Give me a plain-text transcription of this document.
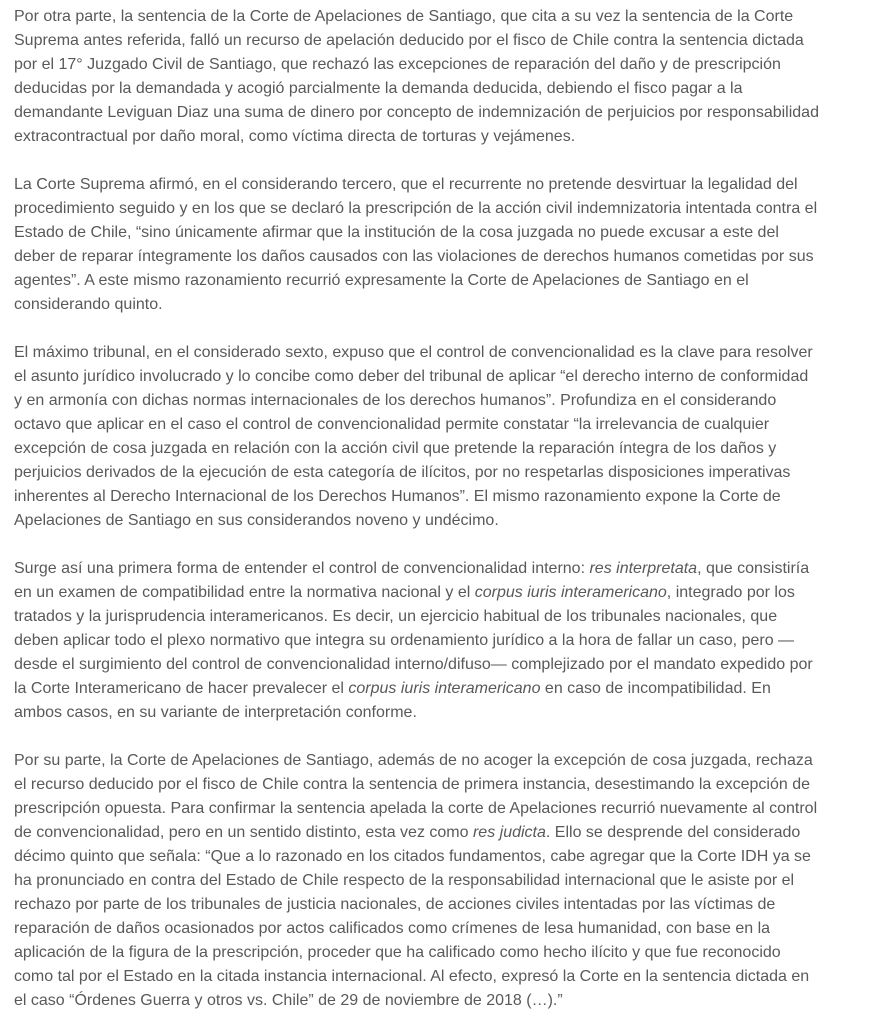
Por otra parte, la sentencia de la Corte de Apelaciones de Santiago, que cita a su vez la sentencia de la Corte Suprema antes referida, falló un recurso de apelación deducido por el fisco de Chile contra la sentencia dictada por el 17° Juzgado Civil de Santiago, que rechazó las excepciones de reparación del daño y de prescripción deducidas por la demandada y acogió parcialmente la demanda deducida, debiendo el fisco pagar a la demandante Leviguan Diaz una suma de dinero por concepto de indemnización de perjuicios por responsabilidad extracontractual por daño moral, como víctima directa de torturas y vejámenes.

La Corte Suprema afirmó, en el considerando tercero, que el recurrente no pretende desvirtuar la legalidad del procedimiento seguido y en los que se declaró la prescripción de la acción civil indemnizatoria intentada contra el Estado de Chile, “sino únicamente afirmar que la institución de la cosa juzgada no puede excusar a este del deber de reparar íntegramente los daños causados con las violaciones de derechos humanos cometidas por sus agentes”. A este mismo razonamiento recurrió expresamente la Corte de Apelaciones de Santiago en el considerando quinto.

El máximo tribunal, en el considerado sexto, expuso que el control de convencionalidad es la clave para resolver el asunto jurídico involucrado y lo concibe como deber del tribunal de aplicar “el derecho interno de conformidad y en armonía con dichas normas internacionales de los derechos humanos”. Profundiza en el considerando octavo que aplicar en el caso el control de convencionalidad permite constatar “la irrelevancia de cualquier excepción de cosa juzgada en relación con la acción civil que pretende la reparación íntegra de los daños y perjuicios derivados de la ejecución de esta categoría de ilícitos, por no respetarlas disposiciones imperativas inherentes al Derecho Internacional de los Derechos Humanos”. El mismo razonamiento expone la Corte de Apelaciones de Santiago en sus considerandos noveno y undécimo.

Surge así una primera forma de entender el control de convencionalidad interno: res interpretata, que consistiría en un examen de compatibilidad entre la normativa nacional y el corpus iuris interamericano, integrado por los tratados y la jurisprudencia interamericanos. Es decir, un ejercicio habitual de los tribunales nacionales, que deben aplicar todo el plexo normativo que integra su ordenamiento jurídico a la hora de fallar un caso, pero —desde el surgimiento del control de convencionalidad interno/difuso— complejizado por el mandato expedido por la Corte Interamericano de hacer prevalecer el corpus iuris interamericano en caso de incompatibilidad. En ambos casos, en su variante de interpretación conforme.

Por su parte, la Corte de Apelaciones de Santiago, además de no acoger la excepción de cosa juzgada, rechaza el recurso deducido por el fisco de Chile contra la sentencia de primera instancia, desestimando la excepción de prescripción opuesta. Para confirmar la sentencia apelada la corte de Apelaciones recurrió nuevamente al control de convencionalidad, pero en un sentido distinto, esta vez como res judicta. Ello se desprende del considerado décimo quinto que señala: “Que a lo razonado en los citados fundamentos, cabe agregar que la Corte IDH ya se ha pronunciado en contra del Estado de Chile respecto de la responsabilidad internacional que le asiste por el rechazo por parte de los tribunales de justicia nacionales, de acciones civiles intentadas por las víctimas de reparación de daños ocasionados por actos calificados como crímenes de lesa humanidad, con base en la aplicación de la figura de la prescripción, proceder que ha calificado como hecho ilícito y que fue reconocido como tal por el Estado en la citada instancia internacional. Al efecto, expresó la Corte en la sentencia dictada en el caso “Órdenes Guerra y otros vs. Chile” de 29 de noviembre de 2018 (…).”
